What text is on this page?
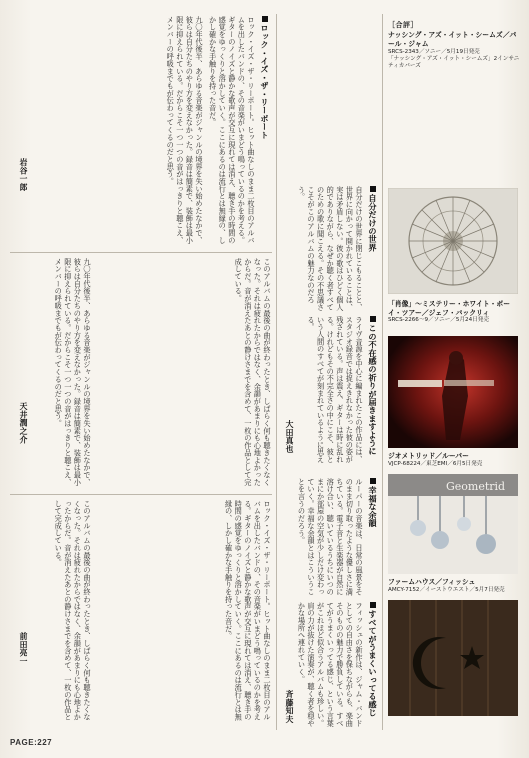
ロック・イズ・ザ・リーポート
ロック・イズ・ザ・リーポート。ヒット曲なしのまま二枚目のアルバムを出したバンドの、その音楽がいまどう鳴っているのかを考える。ギターのノイズと静かな歌声が交互に現れては消え、聴き手の時間の感覚をゆっくりと溶かしていく。ここにあるのは流行とは無縁の、しかし確かな手触りを持った音だ。
九〇年代後半、あらゆる音楽がジャンルの境界を失い始めたなかで、彼らは自分たちのやり方を変えなかった。録音は簡素で、装飾は最小限に抑えられている。だからこそ一つ一つの音がはっきりと聴こえ、メンバーの呼吸までもが伝わってくるのだと思う。
このアルバムの最後の曲が終わったとき、しばらく何も聴きたくなくなった。それは疲れたからではなく、余韻があまりにも心地よかったからだ。音が消えたあとの静けさまでを含めて、一枚の作品として完成している。
九〇年代後半、あらゆる音楽がジャンルの境界を失い始めたなかで、彼らは自分たちのやり方を変えなかった。録音は簡素で、装飾は最小限に抑えられている。だからこそ一つ一つの音がはっきりと聴こえ、メンバーの呼吸までもが伝わってくるのだと思う。
ロック・イズ・ザ・リーポート。ヒット曲なしのまま二枚目のアルバムを出したバンドの、その音楽がいまどう鳴っているのかを考える。ギターのノイズと静かな歌声が交互に現れては消え、聴き手の時間の感覚をゆっくりと溶かしていく。ここにあるのは流行とは無縁の、しかし確かな手触りを持った音だ。
このアルバムの最後の曲が終わったとき、しばらく何も聴きたくなくなった。それは疲れたからではなく、余韻があまりにも心地よかったからだ。音が消えたあとの静けさまでを含めて、一枚の作品として完成している。
岩谷一郎
天井潤之介
前田亮一
自分だけの世界
自分だけの世界に閉じこもることと、世界に向かって開かれていることは、実は矛盾しない。彼の歌はひどく個人的でありながら、なぜか聴く者すべてのための歌に聞こえる。その不思議さこそがこのアルバムの魅力なのだろう。
この不在感の祈りが届きますように
ライヴ音源を中心に編まれたこの作品には、スタジオ録音では捉えきれなかった彼の姿が残されている。声は震え、ギターは時に乱れる。けれどもその不完全さの中にこそ、彼という人間のすべてが刻まれているように思える。
大田真也
幸福な余韻
ルーパーの音楽は、日常の風景をそのまま切り取ったような優しさに満ちている。電子音と生楽器が自然に溶け合い、聴いているうちにいつのまにか部屋の空気が少しだけ変わっていく。幸福な余韻とはこういうことを言うのだろう。
すべてがうまくいってる感じ
フィッシュの新作は、ジャム・バンドとしての自由さを保ちながらも、楽曲そのものの魅力で勝負している。すべてがうまくいってる感じ、という言葉がこれほど似合うアルバムも珍しい。肩の力が抜けた演奏が、聴く者を穏やかな場所へ連れていく。
斉藤知夫
［合評］
ナッシング・アズ・イット・シームズ／パール・ジャム
SRCS-2343／ソニー／5月19日発売
「ナッシング・アズ・イット・シームズ」2インサニティカバーズ
「肖像」～ミステリー・ホワイト・ボーイ・ツアー／ジェフ・バックリィ
SRCS-2266～9／ソニー／5月24日発売
ジオメトリッド／ルーパー
VJCP-68224／東芝EMI／6月5日発売
Geometrid
ファームハウス／フィッシュ
AMCY-7152／イーストウエスト／5月7日発売
PAGE:227
